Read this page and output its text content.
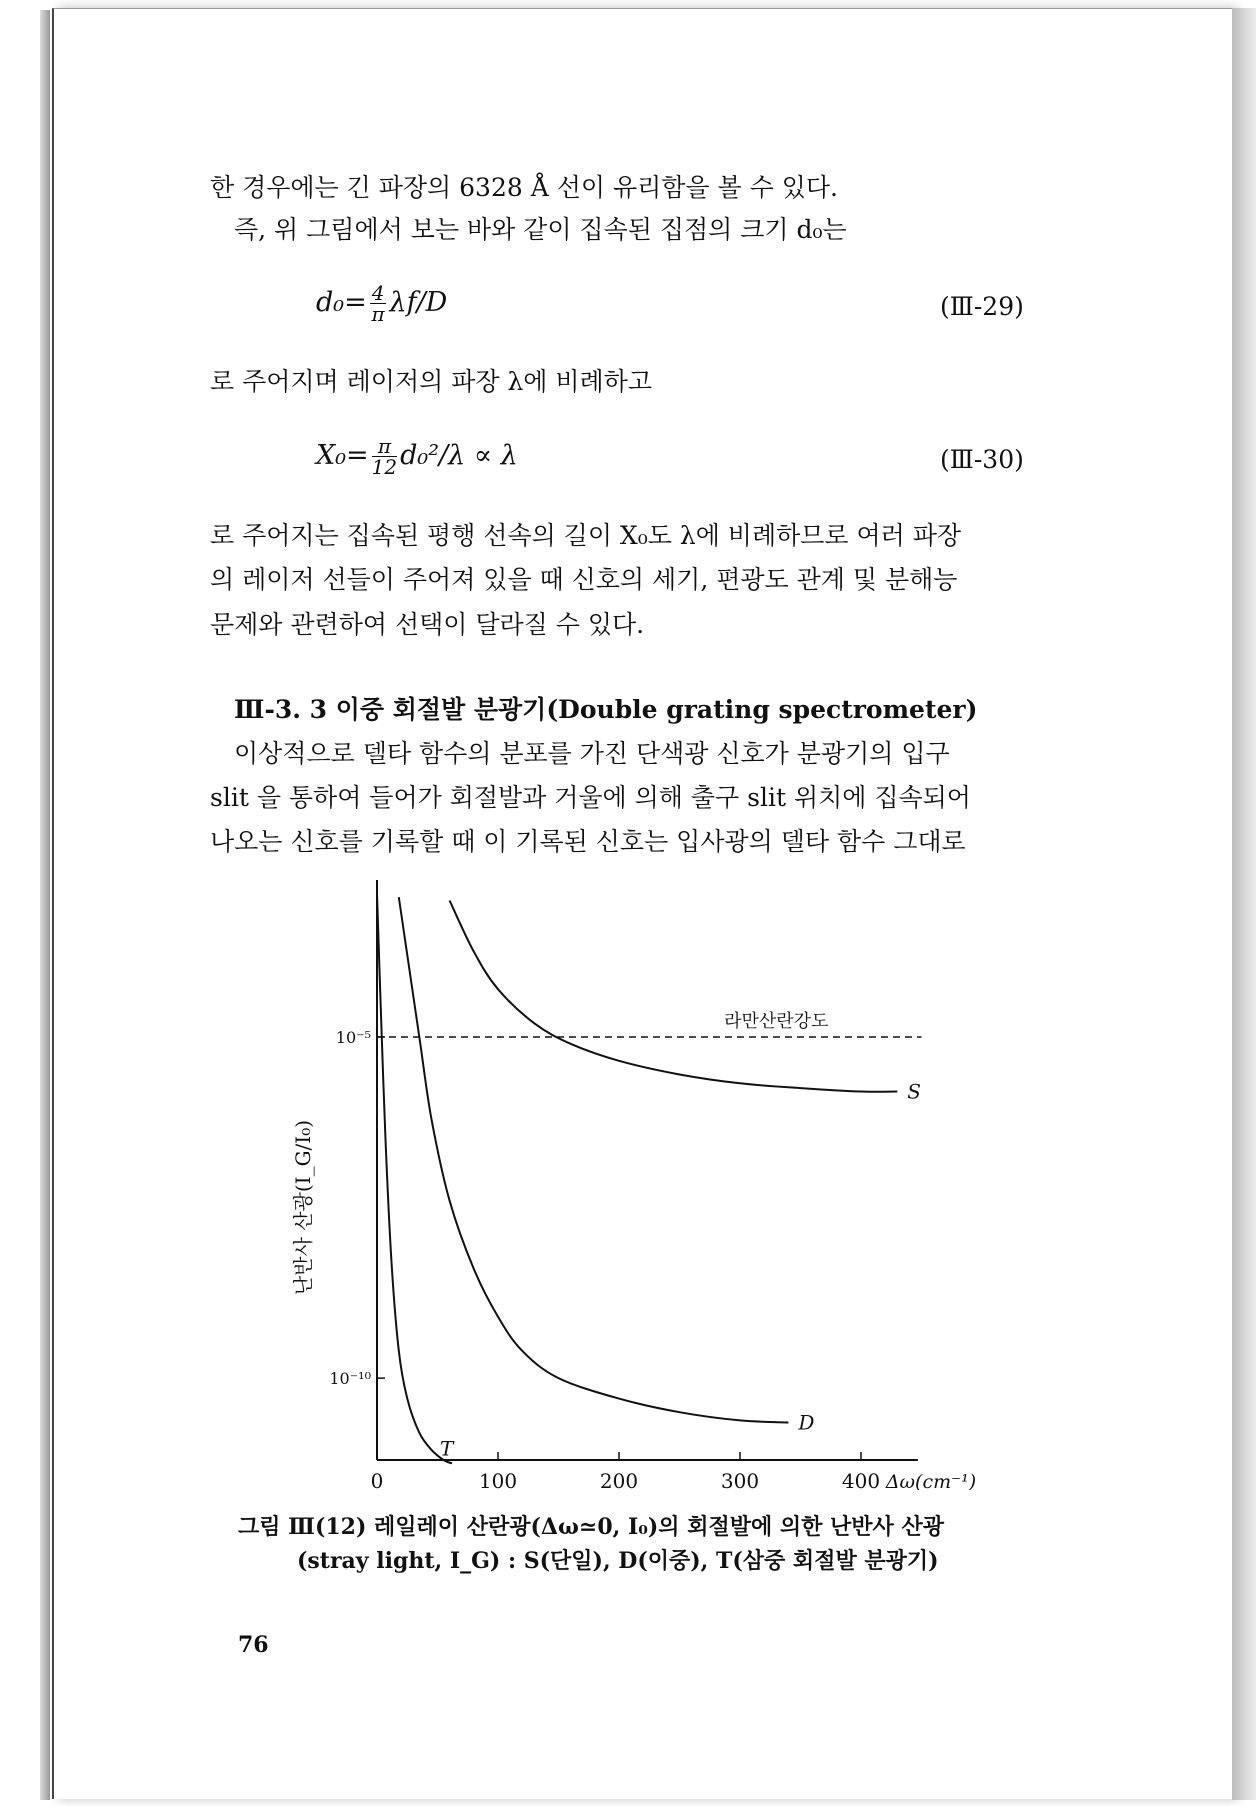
한 경우에는 긴 파장의 6328 Å 선이 유리함을 볼 수 있다.
즉, 위 그림에서 보는 바와 같이 집속된 집점의 크기 d₀는
$d_0= \frac{4}{\pi} \lambda f/D$	(Ⅲ-29)
로 주어지며 레이저의 파장 λ에 비례하고
$X_0= \frac{\pi}{12} d_0^2/\lambda \propto \lambda$	(Ⅲ-30)
로 주어지는 집속된 평행 선속의 길이 X₀도 λ에 비례하므로 여러 파장
의 레이저 선들이 주어져 있을 때 신호의 세기, 편광도 관계 및 분해능
문제와 관련하여 선택이 달라질 수 있다.
Ⅲ-3. 3 이중 회절발 분광기(Double grating spectrometer)
이상적으로 델타 함수의 분포를 가진 단색광 신호가 분광기의 입구
slit 을 통하여 들어가 회절발과 거울에 의해 출구 slit 위치에 집속되어
나오는 신호를 기록할 때 이 기록된 신호는 입사광의 델타 함수 그대로
0	100	200	300	400 Δω(cm⁻¹)
10⁻⁵
10⁻¹⁰
난반사 산광(I_G/I₀)
라만산란강도
S
D
T
그림 Ⅲ(12) 레일레이 산란광(Δω≃0, I₀)의 회절발에 의한 난반사 산광
(stray light, I_G) : S(단일), D(이중), T(삼중 회절발 분광기)
76
